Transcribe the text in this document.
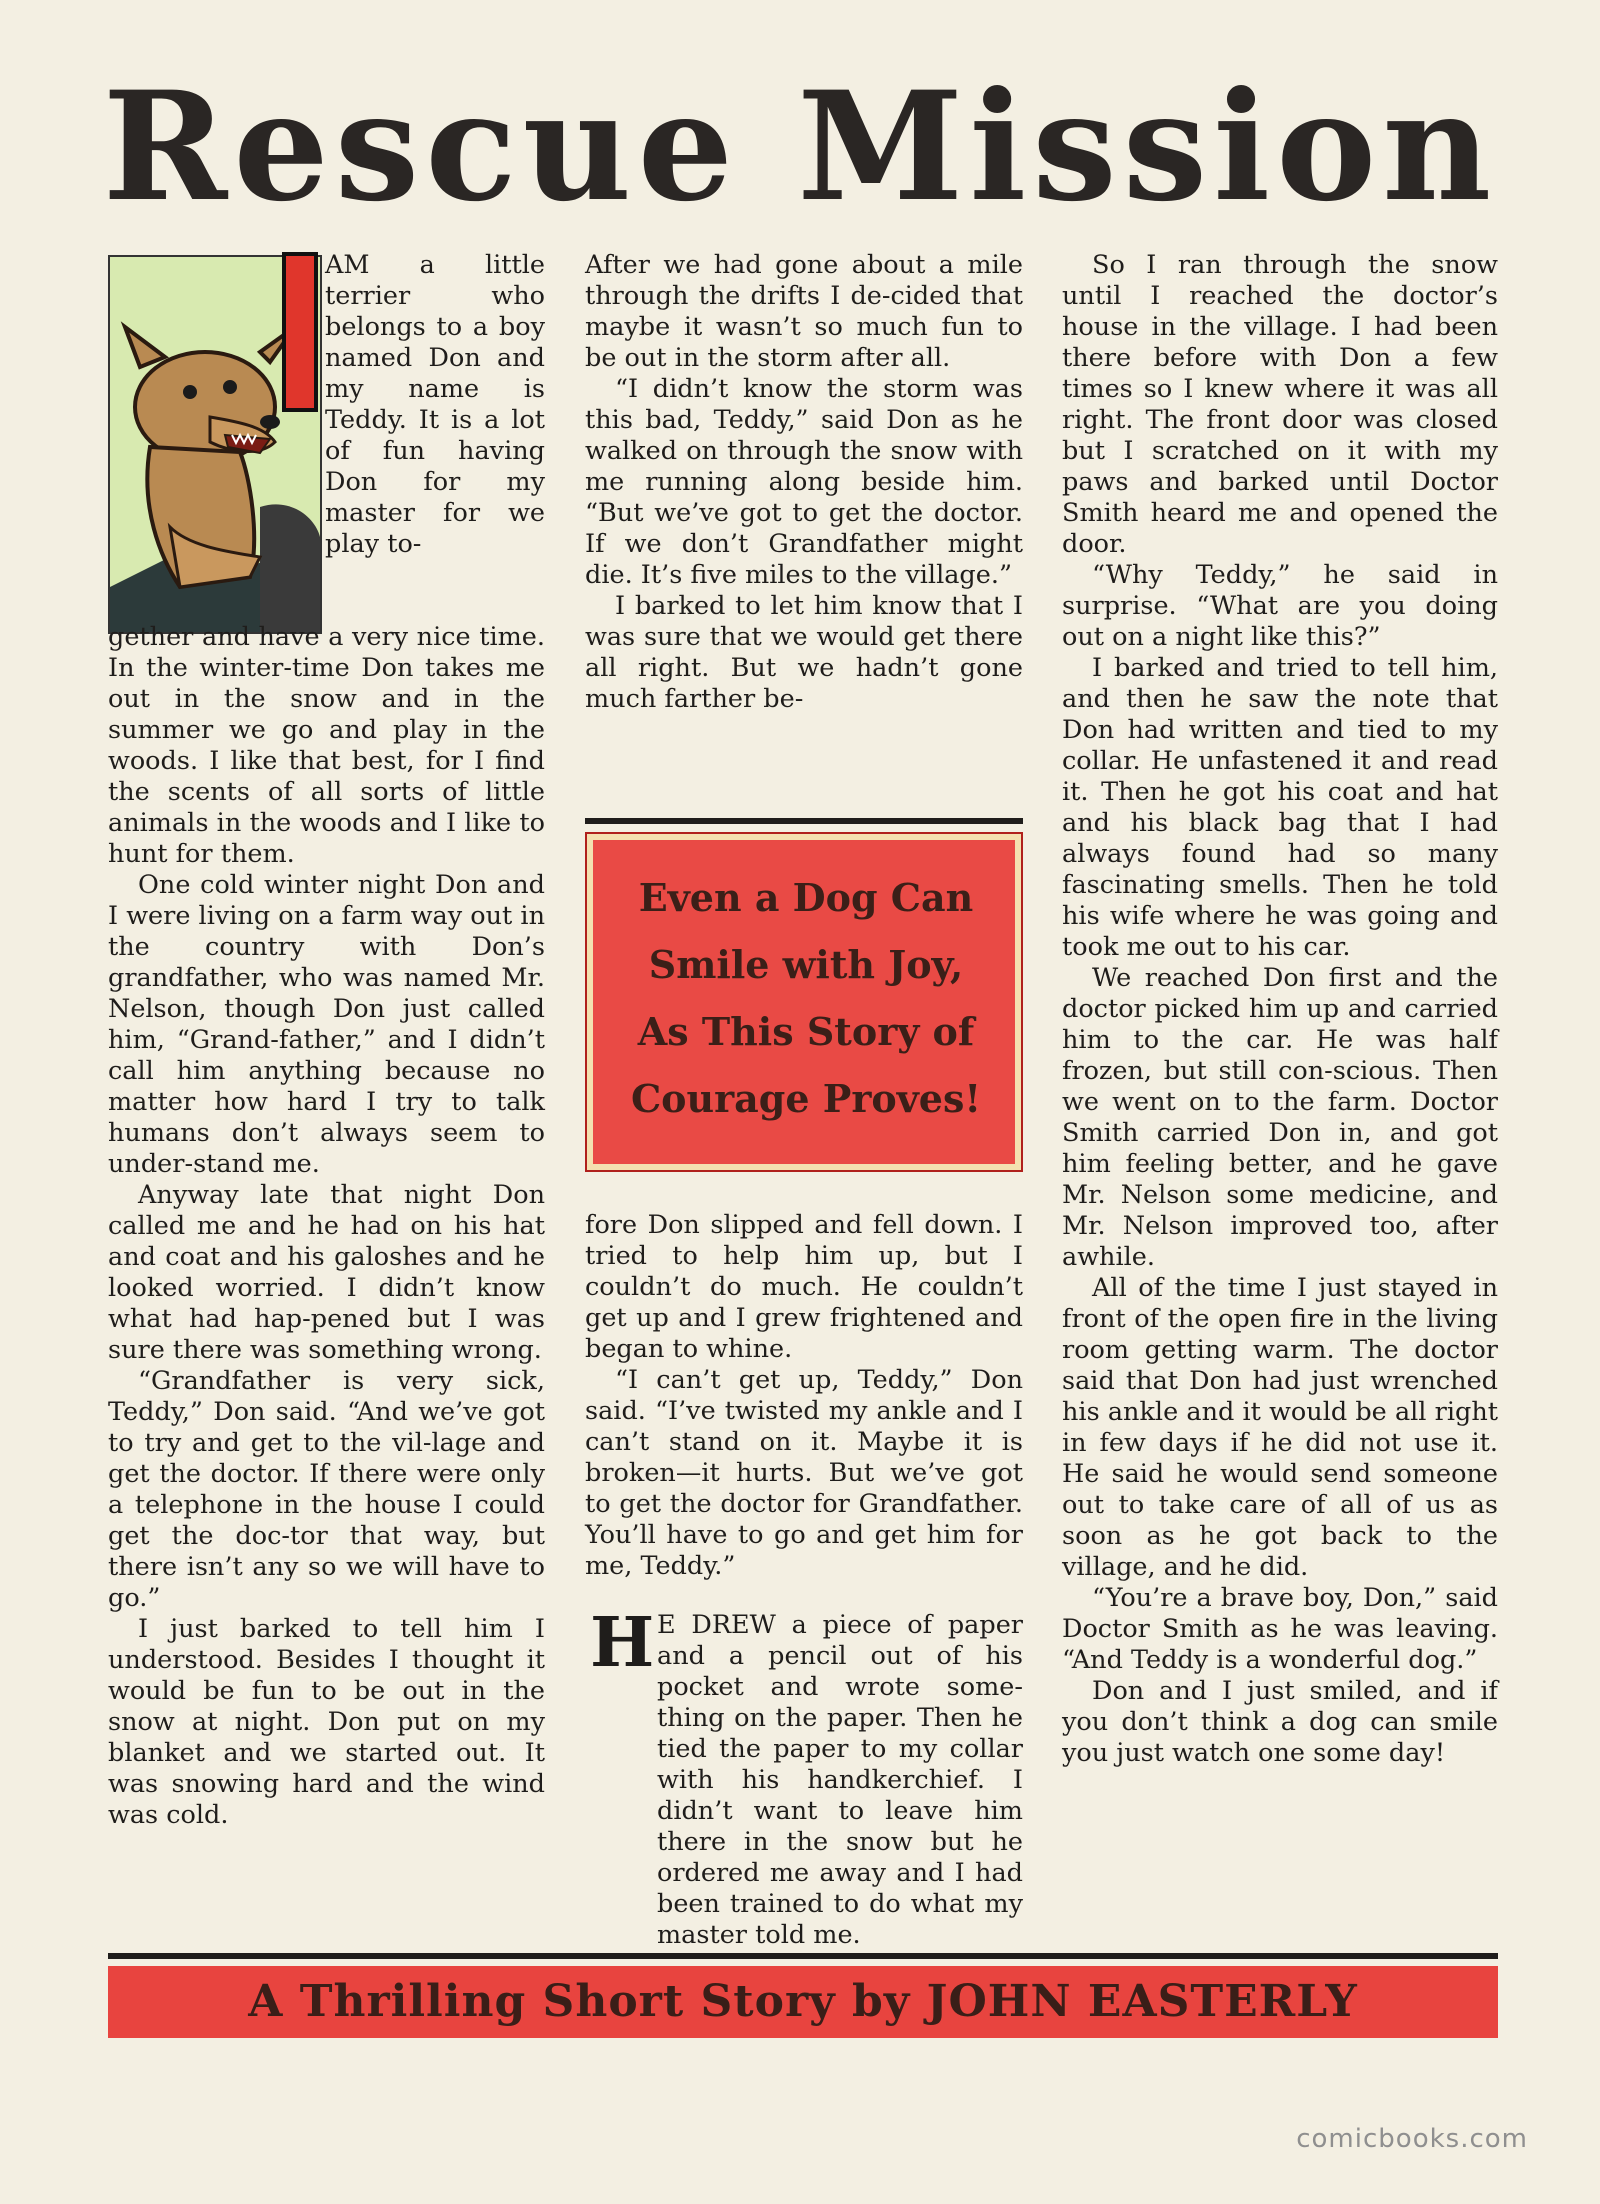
Rescue Mission

AM a little terrier who belongs to a boy named Don and my name is Teddy. It is a lot of fun having Don for my master for we play to-

gether and have a very nice time. In the winter-time Don takes me out in the snow and in the summer we go and play in the woods. I like that best, for I find the scents of all sorts of little animals in the woods and I like to hunt for them.

One cold winter night Don and I were living on a farm way out in the country with Don’s grandfather, who was named Mr. Nelson, though Don just called him, “Grand-father,” and I didn’t call him anything because no matter how hard I try to talk humans don’t always seem to under-stand me.

Anyway late that night Don called me and he had on his hat and coat and his galoshes and he looked worried. I didn’t know what had hap-pened but I was sure there was something wrong.

“Grandfather is very sick, Teddy,” Don said. “And we’ve got to try and get to the vil-lage and get the doctor. If there were only a telephone in the house I could get the doc-tor that way, but there isn’t any so we will have to go.”

I just barked to tell him I understood. Besides I thought it would be fun to be out in the snow at night. Don put on my blanket and we started out. It was snowing hard and the wind was cold.

After we had gone about a mile through the drifts I de-cided that maybe it wasn’t so much fun to be out in the storm after all.

“I didn’t know the storm was this bad, Teddy,” said Don as he walked on through the snow with me running along beside him. “But we’ve got to get the doctor. If we don’t Grandfather might die. It’s five miles to the village.”

I barked to let him know that I was sure that we would get there all right. But we hadn’t gone much farther be-

Even a Dog Can
Smile with Joy,
As This Story of
Courage Proves!

fore Don slipped and fell down. I tried to help him up, but I couldn’t do much. He couldn’t get up and I grew frightened and began to whine.

“I can’t get up, Teddy,” Don said. “I’ve twisted my ankle and I can’t stand on it. Maybe it is broken—it hurts. But we’ve got to get the doctor for Grandfather. You’ll have to go and get him for me, Teddy.”

H E DREW a piece of paper and a pencil out of his pocket and wrote some-thing on the paper. Then he tied the paper to my collar with his handkerchief. I didn’t want to leave him there in the snow but he ordered me away and I had been trained to do what my master told me.

So I ran through the snow until I reached the doctor’s house in the village. I had been there before with Don a few times so I knew where it was all right. The front door was closed but I scratched on it with my paws and barked until Doctor Smith heard me and opened the door.

“Why Teddy,” he said in surprise. “What are you doing out on a night like this?”

I barked and tried to tell him, and then he saw the note that Don had written and tied to my collar. He unfastened it and read it. Then he got his coat and hat and his black bag that I had always found had so many fascinating smells. Then he told his wife where he was going and took me out to his car.

We reached Don first and the doctor picked him up and carried him to the car. He was half frozen, but still con-scious. Then we went on to the farm. Doctor Smith carried Don in, and got him feeling better, and he gave Mr. Nelson some medicine, and Mr. Nelson improved too, after awhile.

All of the time I just stayed in front of the open fire in the living room getting warm. The doctor said that Don had just wrenched his ankle and it would be all right in few days if he did not use it. He said he would send someone out to take care of all of us as soon as he got back to the village, and he did.

“You’re a brave boy, Don,” said Doctor Smith as he was leaving. “And Teddy is a wonderful dog.”

Don and I just smiled, and if you don’t think a dog can smile you just watch one some day!

A Thrilling Short Story by JOHN EASTERLY
comicbooks.com
